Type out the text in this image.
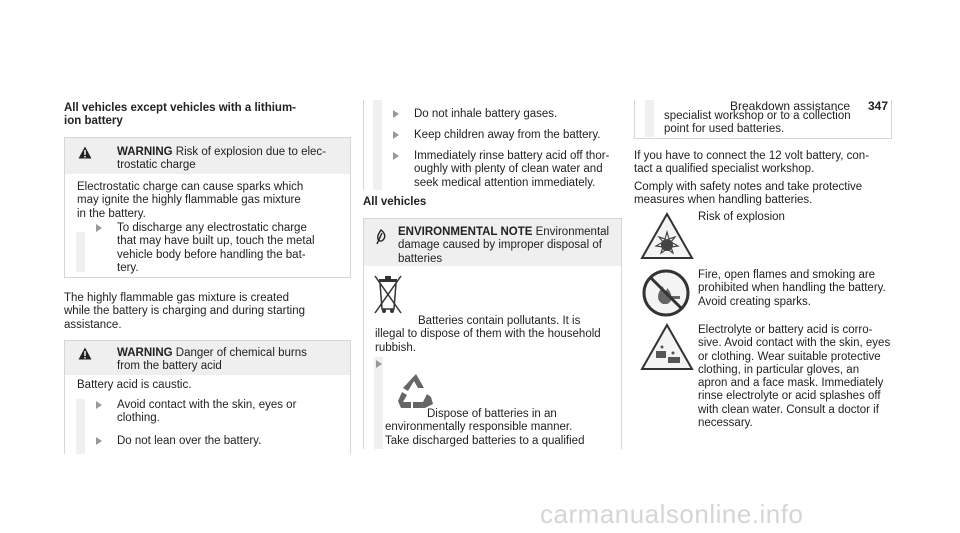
Breakdown assistance 347
All vehicles except vehicles with a lithium-
ion battery
WARNING Risk of explosion due to elec-
trostatic charge
Electrostatic charge can cause sparks which
may ignite the highly flammable gas mixture
in the battery.
To discharge any electrostatic charge
that may have built up, touch the metal
vehicle body before handling the bat-
tery.
The highly flammable gas mixture is created
while the battery is charging and during starting
assistance.
WARNING Danger of chemical burns
from the battery acid
Battery acid is caustic.
Avoid contact with the skin, eyes or
clothing.
Do not lean over the battery.
Do not inhale battery gases.
Keep children away from the battery.
Immediately rinse battery acid off thor-
oughly with plenty of clean water and
seek medical attention immediately.
All vehicles
ENVIRONMENTAL NOTE Environmental
damage caused by improper disposal of
batteries
Batteries contain pollutants. It is
illegal to dispose of them with the household
rubbish.
Dispose of batteries in an
environmentally responsible manner.
Take discharged batteries to a qualified
specialist workshop or to a collection
point for used batteries.
If you have to connect the 12 volt battery, con-
tact a qualified specialist workshop.
Comply with safety notes and take protective
measures when handling batteries.
Risk of explosion
Fire, open flames and smoking are
prohibited when handling the battery.
Avoid creating sparks.
Electrolyte or battery acid is corro-
sive. Avoid contact with the skin, eyes
or clothing. Wear suitable protective
clothing, in particular gloves, an
apron and a face mask. Immediately
rinse electrolyte or acid splashes off
with clean water. Consult a doctor if
necessary.
carmanualsonline.info
